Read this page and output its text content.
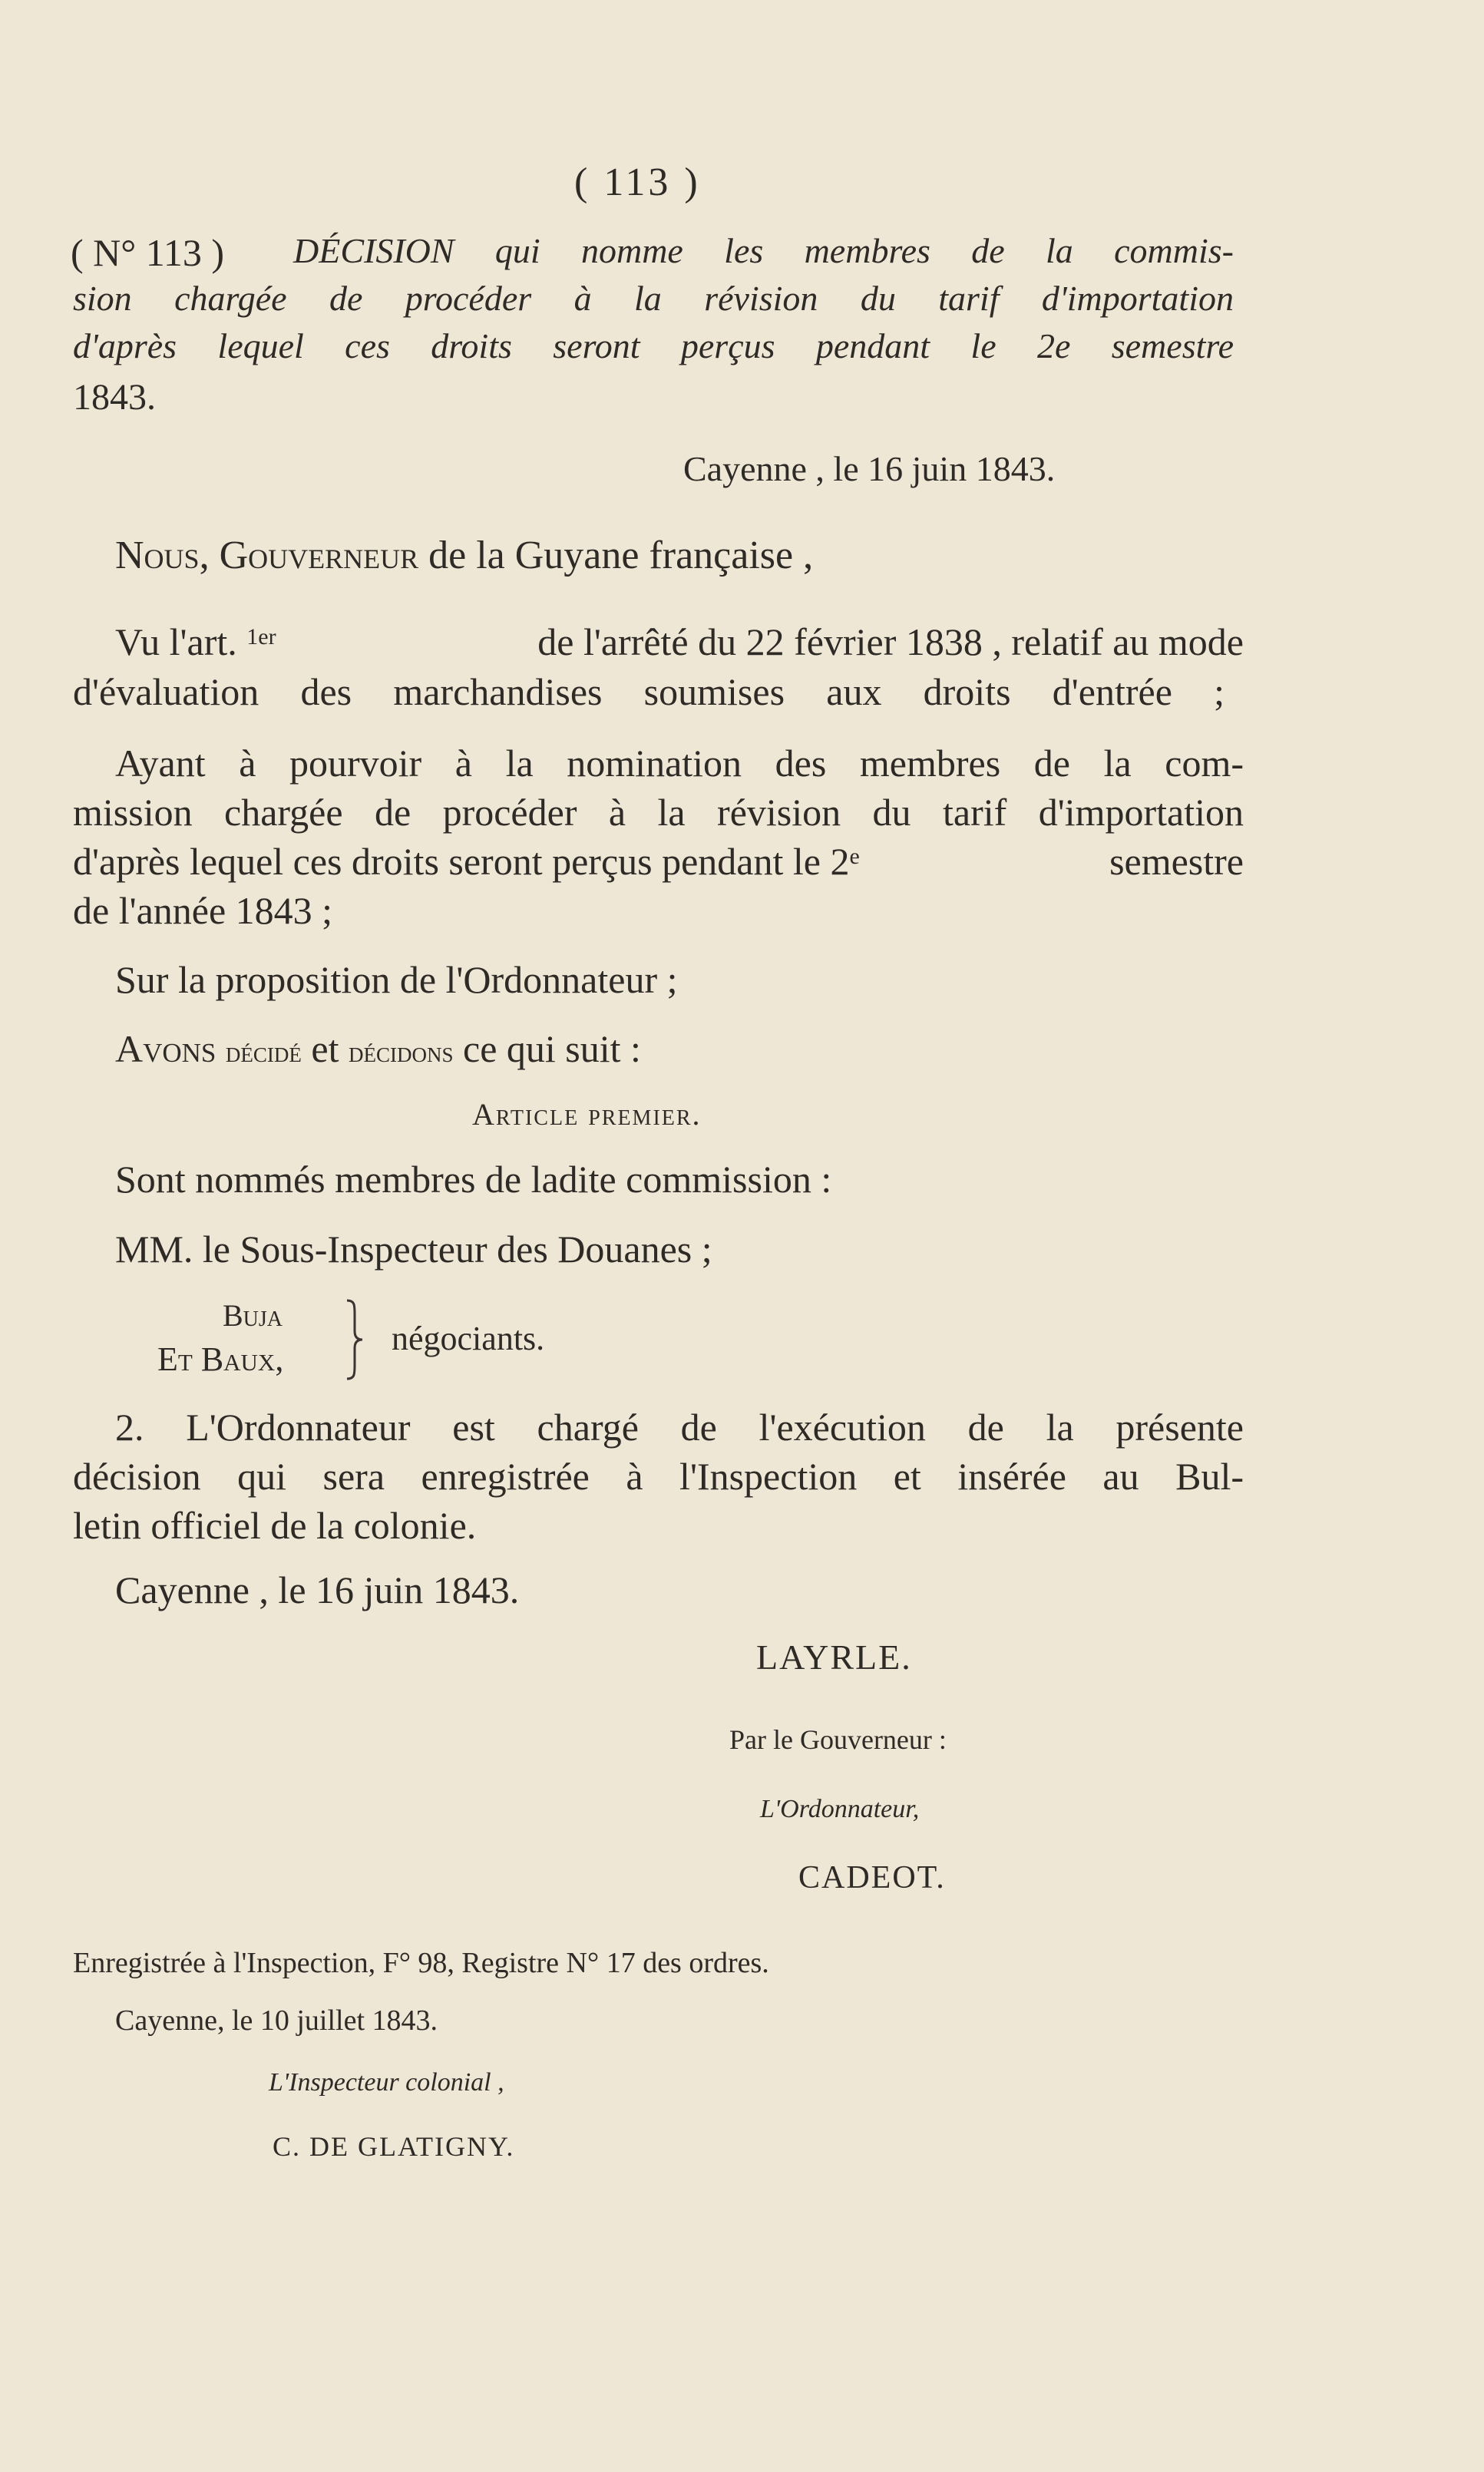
( 113 )
( N° 113 ) DÉCISION qui nomme les membres de la commis-
sion chargée de procéder à la révision du tarif d'importation
d'après lequel ces droits seront perçus pendant le 2e semestre
1843.
Cayenne , le 16 juin 1843.
Nous, Gouverneur de la Guyane française ,
Vu l'art. $^{1er}$	de l'arrêté du 22 février 1838 , relatif au mode
d'évaluation des marchandises soumises aux droits d'entrée ;
Ayant à pourvoir à la nomination des membres de la com-
mission chargée de procéder à la révision du tarif d'importation
d'après lequel ces droits seront perçus pendant le 2e	semestre
de l'année 1843 ;
Sur la proposition de l'Ordonnateur ;
Avons décidé et décidons ce qui suit :
Article premier.
Sont nommés membres de ladite commission :
MM. le Sous-Inspecteur des Douanes ;
Buja
Et Baux,
négociants.
2. L'Ordonnateur est chargé de l'exécution de la présente
décision qui sera enregistrée à l'Inspection et insérée au Bul-
letin officiel de la colonie.
Cayenne , le 16 juin 1843.
LAYRLE.
Par le Gouverneur :
L'Ordonnateur,
CADEOT.
Enregistrée à l'Inspection, F° 98, Registre N° 17 des ordres.
Cayenne, le 10 juillet 1843.
L'Inspecteur colonial ,
C. DE GLATIGNY.
